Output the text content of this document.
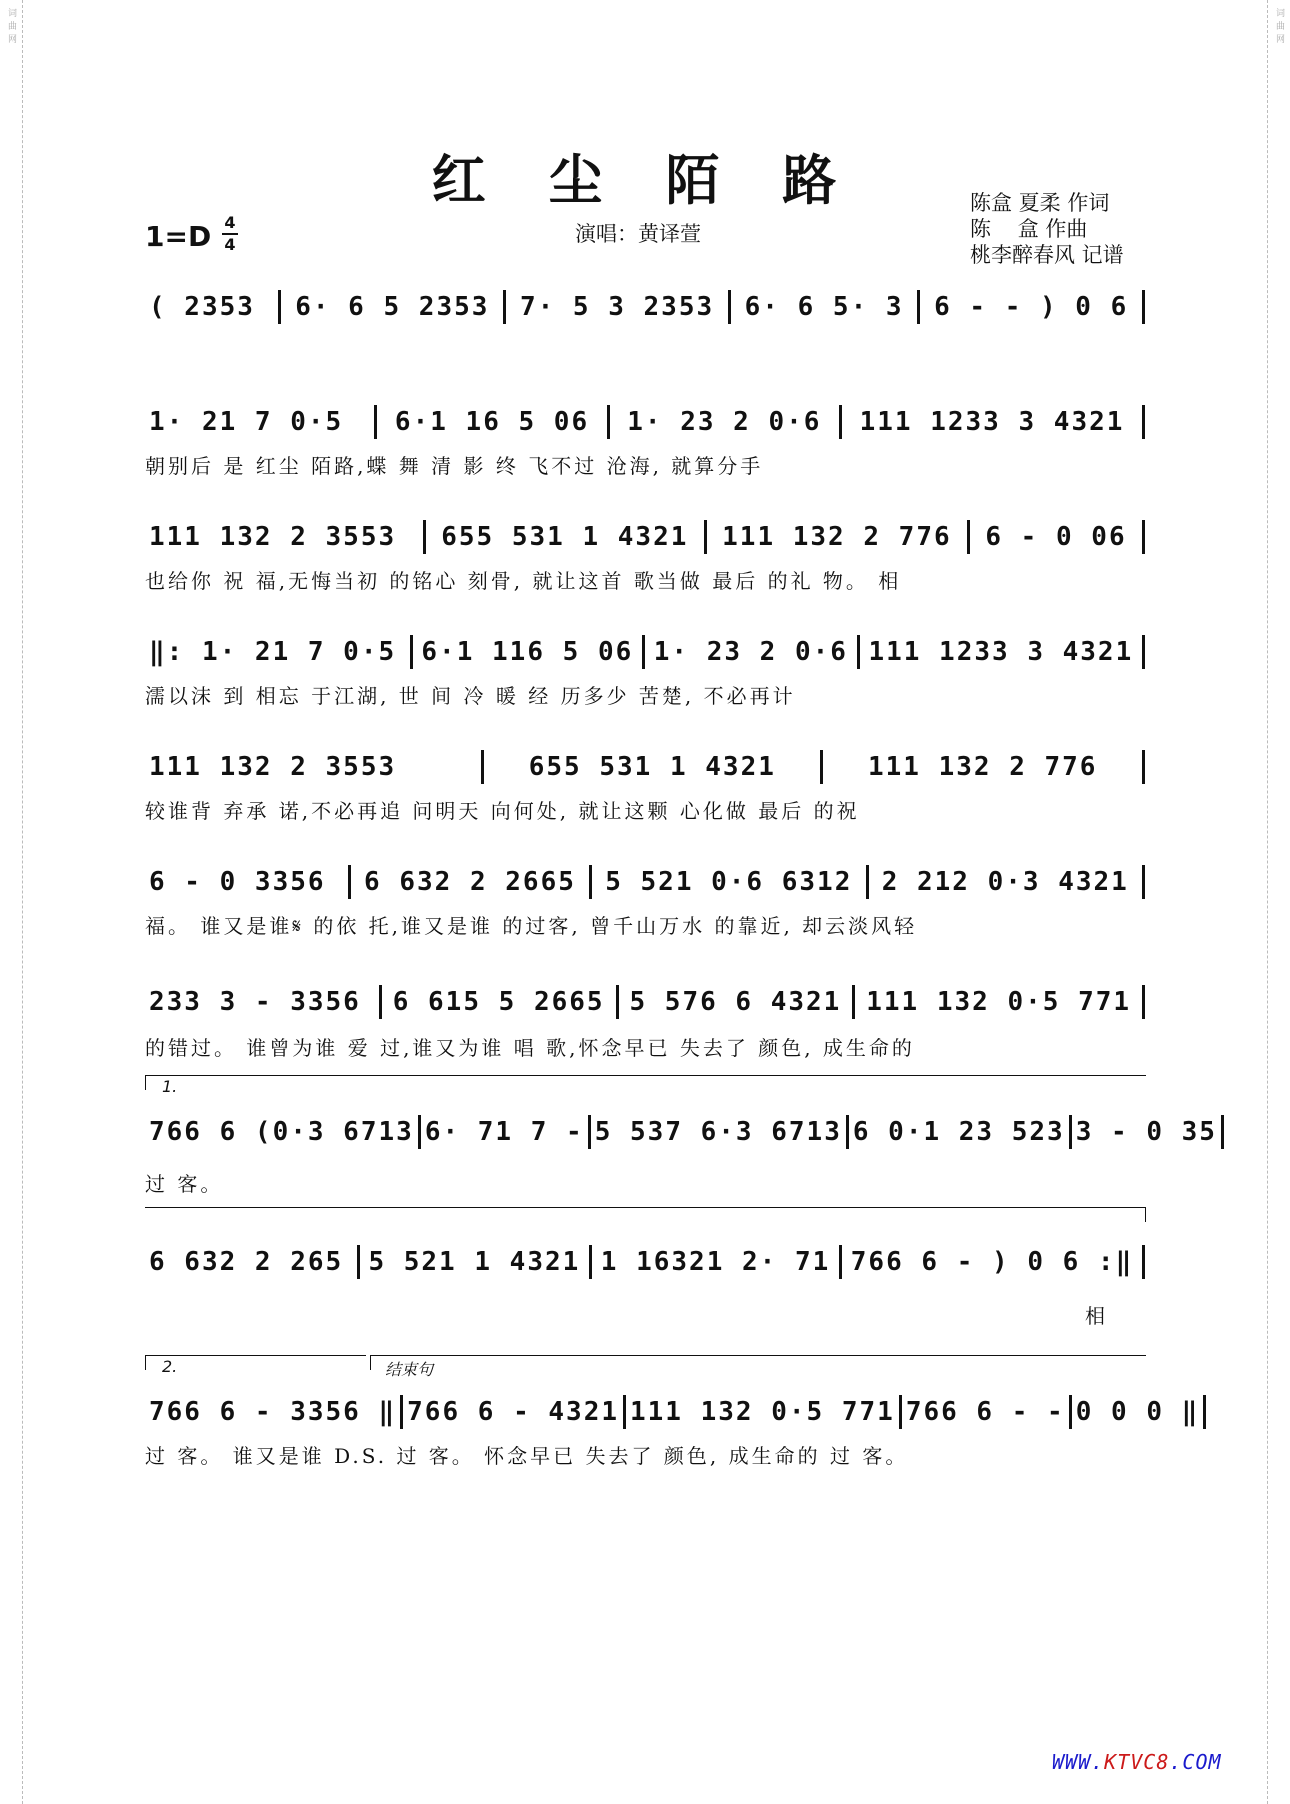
词曲网	词曲网
红 尘 陌 路
1=D 4
4	演唱：黄译萱
陈盒 夏柔 作词
陈    盒 作曲
桃李醉春风 记谱
( 2353	6· 6 5 2353	7· 5 3 2353	6· 6 5· 3	6 - - ) 0 6
1· 21 7 0·5	6·1 16 5 06	1· 23 2 0·6	111 1233 3 4321
朝别后 是 红尘 陌路,蝶 舞 清 影 终 飞不过 沧海, 就算分手
111 132 2 3553	655 531 1 4321	111 132 2 776	6 - 0 06
也给你 祝 福,无悔当初 的铭心 刻骨, 就让这首 歌当做 最后 的礼 物。 相
‖: 1· 21 7 0·5 6·1 116 5 06 1· 23 2 0·6 111 1233 3 4321
濡以沫 到 相忘 于江湖, 世 间 冷 暖 经 历多少 苦楚, 不必再计
111 132 2 3553	655 531 1 4321	111 132 2 776
较谁背 弃承 诺,不必再追 问明天 向何处, 就让这颗 心化做 最后 的祝
6 - 0 3356	6 632 2 2665	5 521 0·6 6312	2 212 0·3 4321
福。 谁又是谁𝄋 的依 托,谁又是谁 的过客, 曾千山万水 的靠近, 却云淡风轻
233 3 - 3356	6 615 5 2665 5 576 6 4321 111 132 0·5 771
的错过。 谁曾为谁 爱 过,谁又为谁 唱 歌,怀念早已 失去了 颜色, 成生命的
766 6 (0·3 6713 6· 71 7 - 5 537 6·3 6713 6 0·1 23 523 3 - 0 35
过 客。
1.
6 632 2 265 5 521 1 4321 1 16321 2· 71 766 6 - ) 0 6 :‖
相
766 6 - 3356 ‖ 766 6 - 4321 111 132 0·5 771 766 6 - - 0 0 0 ‖
过 客。 谁又是谁 D.S. 过 客。 怀念早已 失去了 颜色, 成生命的 过 客。
2.	结束句
WWW.KTVC8.COM
